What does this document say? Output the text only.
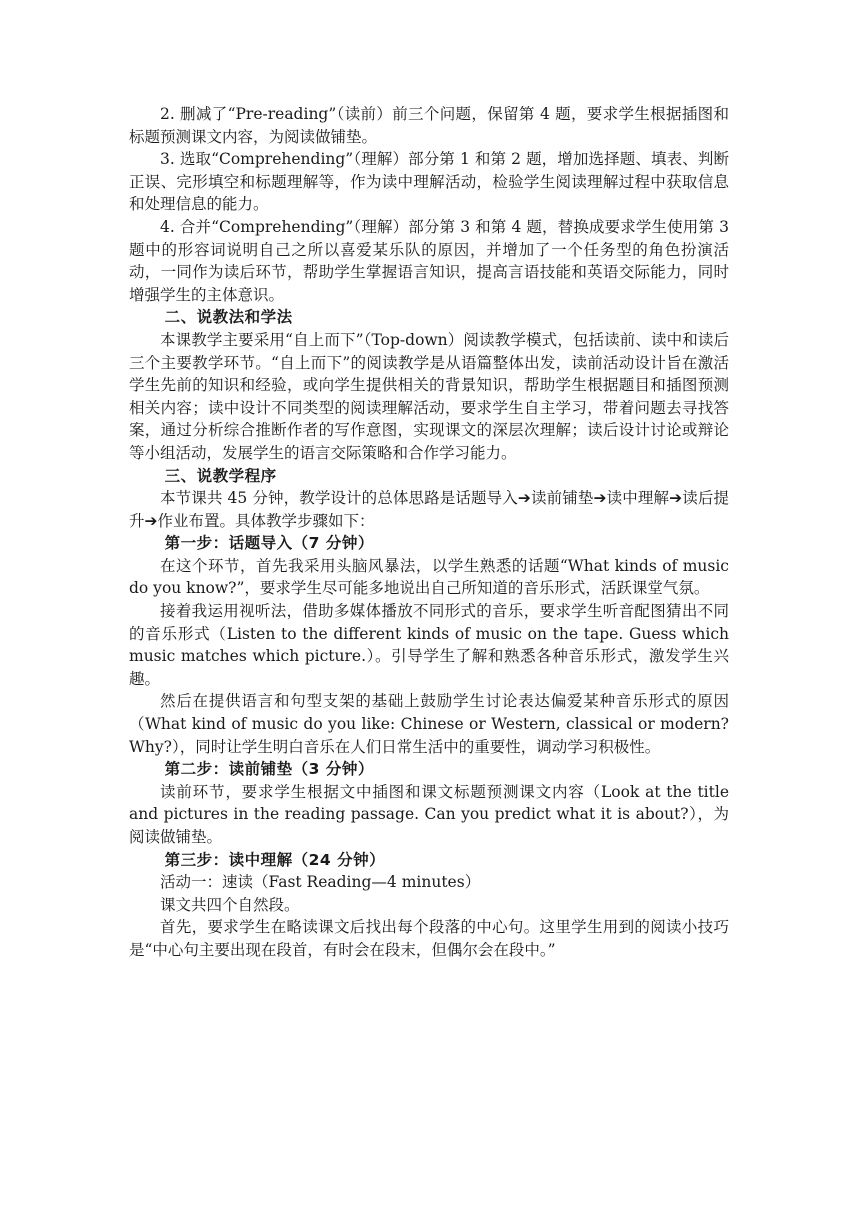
2. 删减了“Pre-reading”（读前）前三个问题，保留第 4 题，要求学生根据插图和标题预测课文内容，为阅读做铺垫。

3. 选取“Comprehending”（理解）部分第 1 和第 2 题，增加选择题、填表、判断正误、完形填空和标题理解等，作为读中理解活动，检验学生阅读理解过程中获取信息和处理信息的能力。

4. 合并“Comprehending”（理解）部分第 3 和第 4 题，替换成要求学生使用第 3 题中的形容词说明自己之所以喜爱某乐队的原因，并增加了一个任务型的角色扮演活动，一同作为读后环节，帮助学生掌握语言知识，提高言语技能和英语交际能力，同时增强学生的主体意识。

二、说教法和学法

本课教学主要采用“自上而下”（Top-down）阅读教学模式，包括读前、读中和读后三个主要教学环节。“自上而下”的阅读教学是从语篇整体出发，读前活动设计旨在激活学生先前的知识和经验，或向学生提供相关的背景知识，帮助学生根据题目和插图预测相关内容；读中设计不同类型的阅读理解活动，要求学生自主学习，带着问题去寻找答案，通过分析综合推断作者的写作意图，实现课文的深层次理解；读后设计讨论或辩论等小组活动，发展学生的语言交际策略和合作学习能力。

三、说教学程序

本节课共 45 分钟，教学设计的总体思路是话题导入➔读前铺垫➔读中理解➔读后提升➔作业布置。具体教学步骤如下：

第一步：话题导入（7 分钟）

在这个环节，首先我采用头脑风暴法，以学生熟悉的话题“What kinds of music do you know?”，要求学生尽可能多地说出自己所知道的音乐形式，活跃课堂气氛。

接着我运用视听法，借助多媒体播放不同形式的音乐，要求学生听音配图猜出不同的音乐形式（Listen to the different kinds of music on the tape. Guess which music matches which picture.）。引导学生了解和熟悉各种音乐形式，激发学生兴趣。

然后在提供语言和句型支架的基础上鼓励学生讨论表达偏爱某种音乐形式的原因（What kind of music do you like: Chinese or Western, classical or modern? Why?），同时让学生明白音乐在人们日常生活中的重要性，调动学习积极性。

第二步：读前铺垫（3 分钟）

读前环节，要求学生根据文中插图和课文标题预测课文内容（Look at the title and pictures in the reading passage. Can you predict what it is about?），为阅读做铺垫。

第三步：读中理解（24 分钟）

活动一：速读（Fast Reading—4 minutes）

课文共四个自然段。

首先，要求学生在略读课文后找出每个段落的中心句。这里学生用到的阅读小技巧是“中心句主要出现在段首，有时会在段末，但偶尔会在段中。”
